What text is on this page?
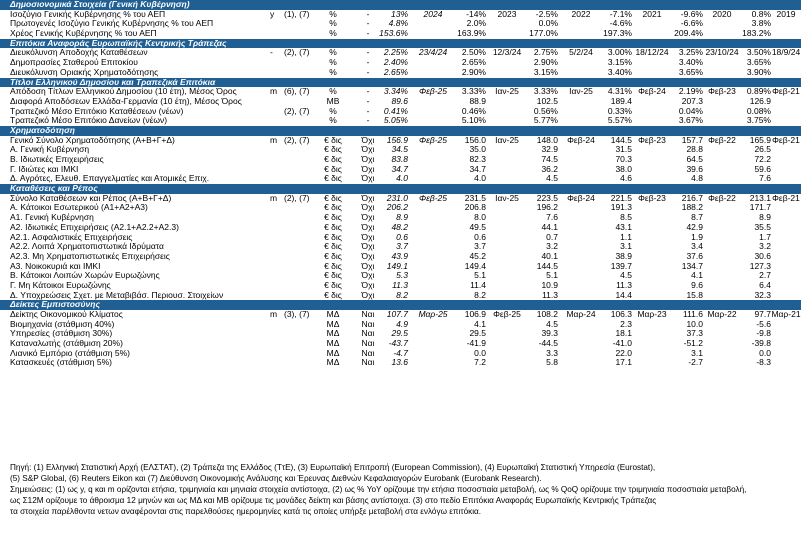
Δημοσιονομικά Στοιχεία (Γενική Κυβέρνηση)
Ισοζύγιο Γενικής Κυβέρνησης % του ΑΕΠ	y (1), (7)	%	-	13%	2024	-14%	2023	-2.5%	2022	-7.1%	2021	-9.6%	2020	0.8% 2019
Πρωτογενές Ισοζύγιο Γενικής Κυβέρνησης % του ΑΕΠ	%	-	4.8%	2.0%	0.0%	-4.6%	-6.6%	3.8%
Χρέος Γενικής Κυβέρνησης % του ΑΕΠ	%	-	153.6%	163.9%	177.0%	197.3%	209.4%	183.2%
Επιτόκια Αναφοράς Ευρωπαϊκής Κεντρικής Τράπεζας
Διευκόλυνση Αποδοχής Καταθέσεων	- (2), (7)	%	-	2.25%	23/4/24	2.50% 12/3/24	2.75%	5/2/24	3.00% 18/12/24	3.25% 23/10/24 3.50% 18/9/24
Δημοπρασίες Σταθερού Επιτοκίου	%	-	2.40%	2.65%	2.90%	3.15%	3.40%	3.65%
Διευκόλυνση Οριακής Χρηματοδότησης	%	-	2.65%	2.90%	3.15%	3.40%	3.65%	3.90%
Τίτλοι Ελληνικού Δημοσίου και Τραπεζικά Επιτόκια
Απόδοση Τίτλων Ελληνικού Δημοσίου (10 έτη), Μέσος Όρος	m (6), (7)	%	-	3.34%	Φεβ-25	3.33%	Ιαν-25	3.33%	Ιαν-25	4.31% Φεβ-24	2.19% Φεβ-23	0.89% Φεβ-21
Διαφορά Αποδόσεων Ελλάδα-Γερμανία (10 έτη), Μέσος Όρος	MB	-	89.6	88.9	102.5	189.4	207.3	126.9
Τραπεζικό Μέσο Επιτόκιο Καταθέσεων (νέων)	(2), (7)	%	-	0.41%	0.46%	0.56%	0.33%	0.04%	0.08%
Τραπεζικό Μέσο Επιτόκιο Δανείων (νέων)	%	-	5.05%	5.10%	5.77%	5.57%	3.67%	3.75%
Χρηματοδότηση
Γενικό Σύνολο Χρηματοδότησης (Α+Β+Γ+Δ)	m (2), (7)	€ δις	Όχι	156.9	Φεβ-25	156.0	Ιαν-25	148.0	Φεβ-24	144.5 Φεβ-23	157.7 Φεβ-22	165.9 Φεβ-21
Α. Γενική Κυβέρνηση	€ δις	Όχι	34.5	35.0	32.9	31.5	28.8	26.5
Β. Ιδιωτικές Επιχειρήσεις	€ δις	Όχι	83.8	82.3	74.5	70.3	64.5	72.2
Γ. Ιδιώτες και ΙΜΚΙ	€ δις	Όχι	34.7	34.7	36.2	38.0	39.6	59.6
Δ. Αγρότες, Ελευθ. Επαγγελματίες και Ατομικές Επιχ.	€ δις	Όχι	4.0	4.0	4.5	4.6	4.8	7.6
Καταθέσεις και Ρέπος
Σύνολο Καταθέσεων και Ρέπος (Α+Β+Γ+Δ)	m (2), (7)	€ δις	Όχι	231.0	Φεβ-25	231.5	Ιαν-25	223.5	Φεβ-24	221.5 Φεβ-23	216.7 Φεβ-22	213.1 Φεβ-21
Α. Κάτοικοι Εσωτερικού (Α1+Α2+Α3)	€ δις	Όχι	206.2	206.8	196.2	191.3	188.2	171.7
Α1. Γενική Κυβέρνηση	€ δις	Όχι	8.9	8.0	7.6	8.5	8.7	8.9
Α2. Ιδιωτικές Επιχειρήσεις (Α2.1+Α2.2+Α2.3)	€ δις	Όχι	48.2	49.5	44.1	43.1	42.9	35.5
Α2.1. Ασφαλιστικές Επιχειρήσεις	€ δις	Όχι	0.6	0.6	0.7	1.1	1.9	1.7
Α2.2. Λοιπά Χρηματοπιστωτικά Ιδρύματα	€ δις	Όχι	3.7	3.7	3.2	3.1	3.4	3.2
Α2.3. Μη Χρηματοπιστωτικές Επιχειρήσεις	€ δις	Όχι	43.9	45.2	40.1	38.9	37.6	30.6
Α3. Νοικοκυριά και ΙΜΚΙ	€ δις	Όχι	149.1	149.4	144.5	139.7	134.7	127.3
Β. Κάτοικοι Λοιπών Χωρών Ευρωζώνης	€ δις	Όχι	5.3	5.1	5.1	4.5	4.1	2.7
Γ. Μη Κάτοικοι Ευρωζώνης	€ δις	Όχι	11.3	11.4	10.9	11.3	9.6	6.4
Δ. Υποχρεώσεις Σχετ. με Μεταβιβάσ. Περιουσ. Στοιχείων	€ δις	Όχι	8.2	8.2	11.3	14.4	15.8	32.3
Δείκτες Εμπιστοσύνης
Δείκτης Οικονομικού Κλίματος	m (3), (7)	ΜΔ	Ναι	107.7	Μαρ-25	106.9 Φεβ-25	108.2 Μαρ-24	106.3 Μαρ-23	111.6 Μαρ-22	97.7 Μαρ-21
Βιομηχανία (στάθμιση 40%)	ΜΔ	Ναι	4.9	4.1	4.5	2.3	10.0	-5.6
Υπηρεσίες (στάθμιση 30%)	ΜΔ	Ναι	29.5	29.5	39.3	18.1	37.3	-9.8
Καταναλωτής (στάθμιση 20%)	ΜΔ	Ναι	-43.7	-41.9	-44.5	-41.0	-51.2	-39.8
Λιανικό Εμπόριο (στάθμιση 5%)	ΜΔ	Ναι	-4.7	0.0	3.3	22.0	3.1	0.0
Κατασκευές (στάθμιση 5%)	ΜΔ	Ναι	13.6	7.2	5.8	17.1	-2.7	-8.3
Πηγή: (1) Ελληνική Στατιστική Αρχή (ΕΛΣΤΑΤ), (2) Τράπεζα της Ελλάδος (ΤτΕ), (3) Ευρωπαϊκή Επιτροπή (European Commission), (4) Ευρωπαϊκή Στατιστική Υπηρεσία (Eurostat),
(5) S&P Global, (6) Reuters Eikon και (7) Διεύθυνση Οικονομικής Ανάλυσης και Έρευνας Διεθνών Κεφαλαιαγορών Eurobank (Eurobank Research).
Σημειώσεις: (1) ως y, q και m ορίζονται ετήσια, τριμηνιαία και μηνιαία στοιχεία αντίστοιχα, (2) ως % YoY ορίζουμε την ετήσια ποσοστιαία μεταβολή, ως % QoQ ορίζουμε την τριμηνιαία ποσοστιαία μεταβολή,
ως Σ12Μ ορίζουμε το άθροισμα 12 μηνών και ως ΜΔ και ΜΒ ορίζουμε τις μονάδες δείκτη και βάσης αντίστοιχα. (3) στο πεδίο Επιτόκια Αναφοράς Ευρωπαϊκής Κεντρικής Τράπεζας
τα στοιχεία παρέλθοντα νετων αναφέρονται στις παρελθούσες ημερομηνίες κατά τις οποίες υπήρξε μεταβολή στα ενλόγω επιτόκια.
